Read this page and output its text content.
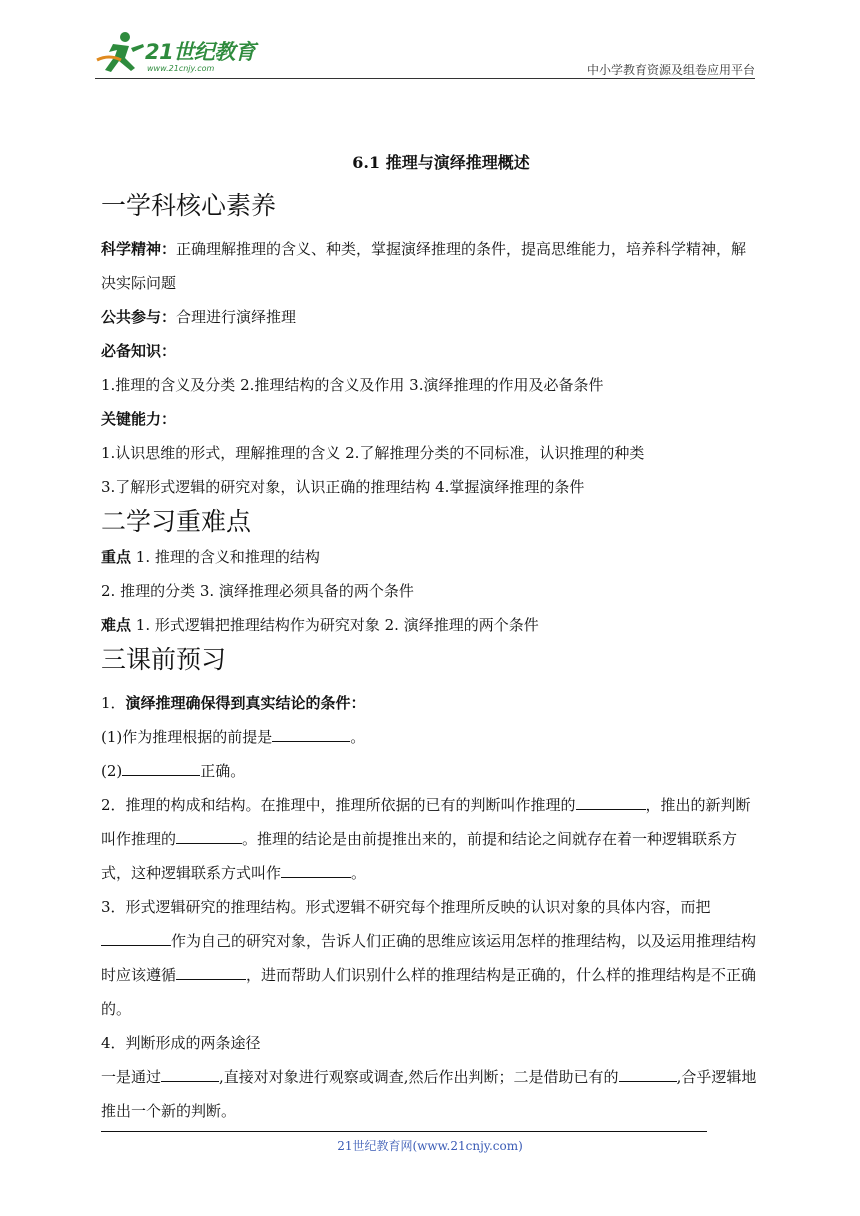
21世纪教育
www.21cnjy.com	中小学教育资源及组卷应用平台

6.1 推理与演绎推理概述

一学科核心素养

科学精神：正确理解推理的含义、种类，掌握演绎推理的条件，提高思维能力，培养科学精神，解决实际问题

公共参与：合理进行演绎推理

必备知识：

1.推理的含义及分类 2.推理结构的含义及作用 3.演绎推理的作用及必备条件

关键能力：

1.认识思维的形式，理解推理的含义 2.了解推理分类的不同标准，认识推理的种类

3.了解形式逻辑的研究对象，认识正确的推理结构 4.掌握演绎推理的条件

二学习重难点

重点 1. 推理的含义和推理的结构

2. 推理的分类 3. 演绎推理必须具备的两个条件

难点 1. 形式逻辑把推理结构作为研究对象 2. 演绎推理的两个条件

三课前预习

1．演绎推理确保得到真实结论的条件：

(1)作为推理根据的前提是	。

(2)	正确。

2．推理的构成和结构。在推理中，推理所依据的已有的判断叫作推理的	，推出的新判断叫作推理的	。推理的结论是由前提推出来的，前提和结论之间就存在着一种逻辑联系方式，这种逻辑联系方式叫作	。

3．形式逻辑研究的推理结构。形式逻辑不研究每个推理所反映的认识对象的具体内容，而把作为自己的研究对象，告诉人们正确的思维应该运用怎样的推理结构，以及运用推理结构时应该遵循	，进而帮助人们识别什么样的推理结构是正确的，什么样的推理结构是不正确的。

4．判断形成的两条途径

一是通过	,直接对对象进行观察或调查,然后作出判断；二是借助已有的	,合乎逻辑地推出一个新的判断。

21世纪教育网(www.21cnjy.com)
